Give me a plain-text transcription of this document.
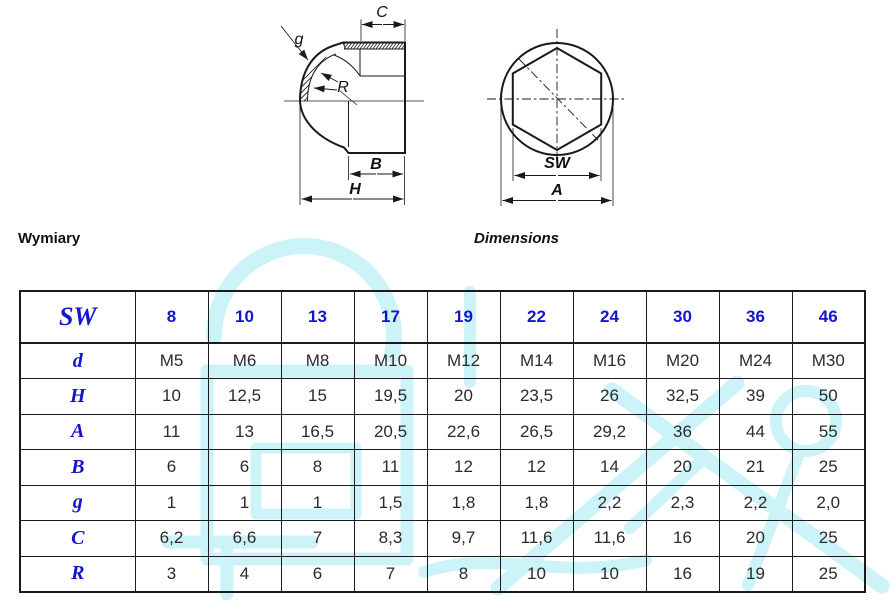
C
g
R
B
H
SW
A
Wymiary	Dimensions
SW	8	10	13	17	19	22	24	30	36	46
d	M5	M6	M8	M10	M12	M14	M16	M20	M24	M30
H	10	12,5	15	19,5	20	23,5	26	32,5	39	50
A	11	13	16,5	20,5	22,6	26,5	29,2	36	44	55
B	6	6	8	11	12	12	14	20	21	25
g	1	1	1	1,5	1,8	1,8	2,2	2,3	2,2	2,0
C	6,2	6,6	7	8,3	9,7	11,6	11,6	16	20	25
R	3	4	6	7	8	10	10	16	19	25
